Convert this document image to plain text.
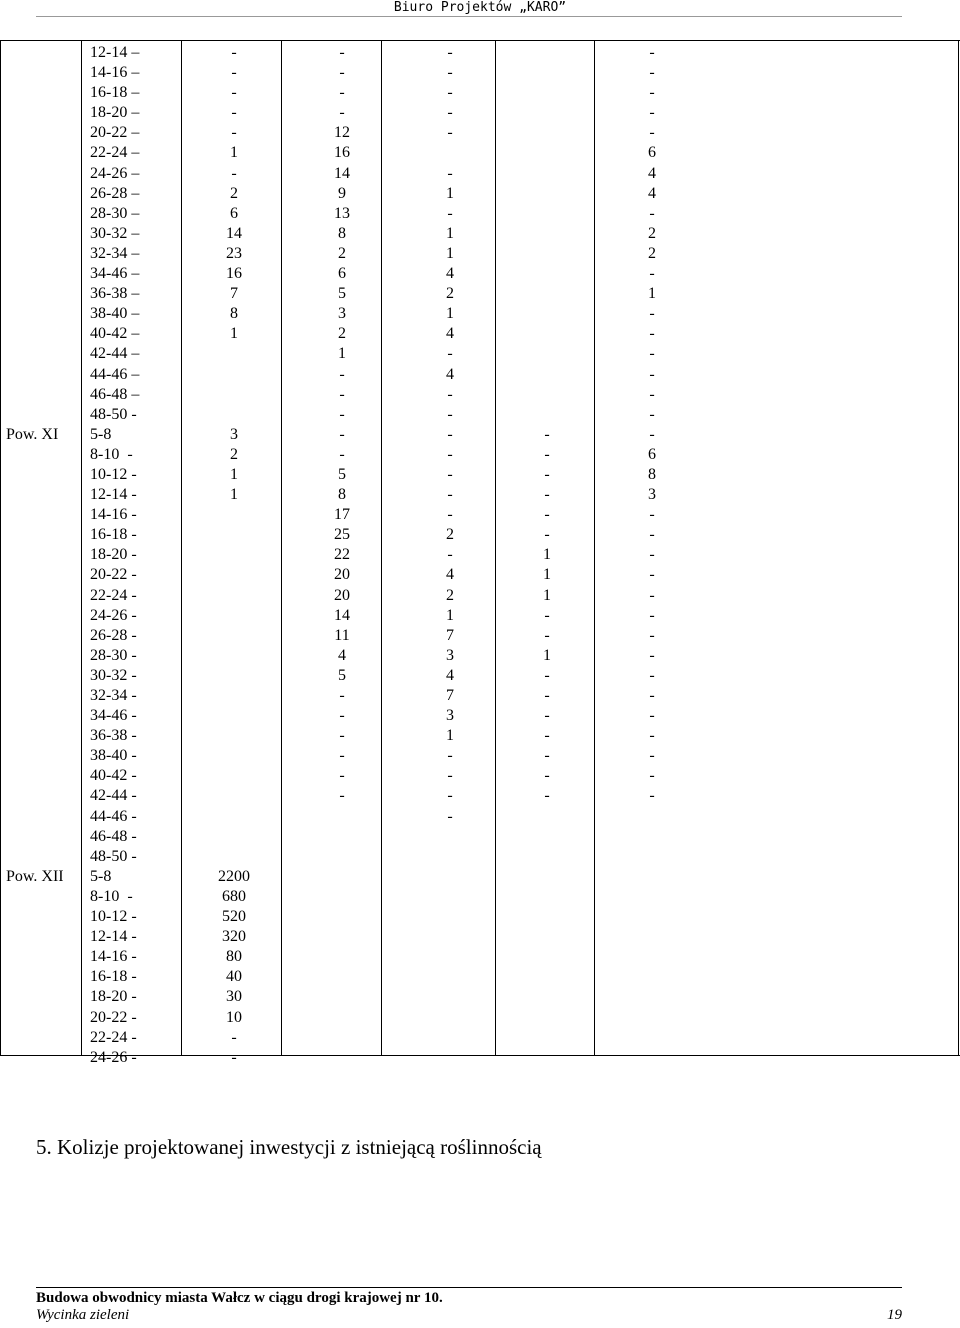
Biuro Projektów „KARO”
Pow. XI
Pow. XII
12-14 –
14-16 –
16-18 –
18-20 –
20-22 –
22-24 –
24-26 –
26-28 –
28-30 –
30-32 –
32-34 –
34-46 –
36-38 –
38-40 –
40-42 –
42-44 –
44-46 –
46-48 –
48-50 -
5-8
8-10  -
10-12 -
12-14 -
14-16 -
16-18 -
18-20 -
20-22 -
22-24 -
24-26 -
26-28 -
28-30 -
30-32 -
32-34 -
34-46 -
36-38 -
38-40 -
40-42 -
42-44 -
44-46 -
46-48 -
48-50 -
5-8
8-10  -
10-12 -
12-14 -
14-16 -
16-18 -
18-20 -
20-22 -
22-24 -
24-26 -
-
-
-
-
-
1
-
2
6
14
23
16
7
8
1
3
2
1
1
2200
680
520
320
80
40
30
10
-
-
-
-
-
-
12
16
14
9
13
8
2
6
5
3
2
1
-
-
-
-
-
5
8
17
25
22
20
20
14
11
4
5
-
-
-
-
-
-
-
-
-
-
-
-
1
-
1
1
4
2
1
4
-
4
-
-
-
-
-
-
-
2
-
4
2
1
7
3
4
7
3
1
-
-
-
-
-
-
-
-
-
-
1
1
1
-
-
1
-
-
-
-
-
-
-
-
-
-
-
-
6
4
4
-
2
2
-
1
-
-
-
-
-
-
-
6
8
3
-
-
-
-
-
-
-
-
-
-
-
-
-
-
-
5. Kolizje projektowanej inwestycji z istniejącą roślinnością
Budowa obwodnicy miasta Wałcz w ciągu drogi krajowej nr 10.
Wycinka zieleni	19
